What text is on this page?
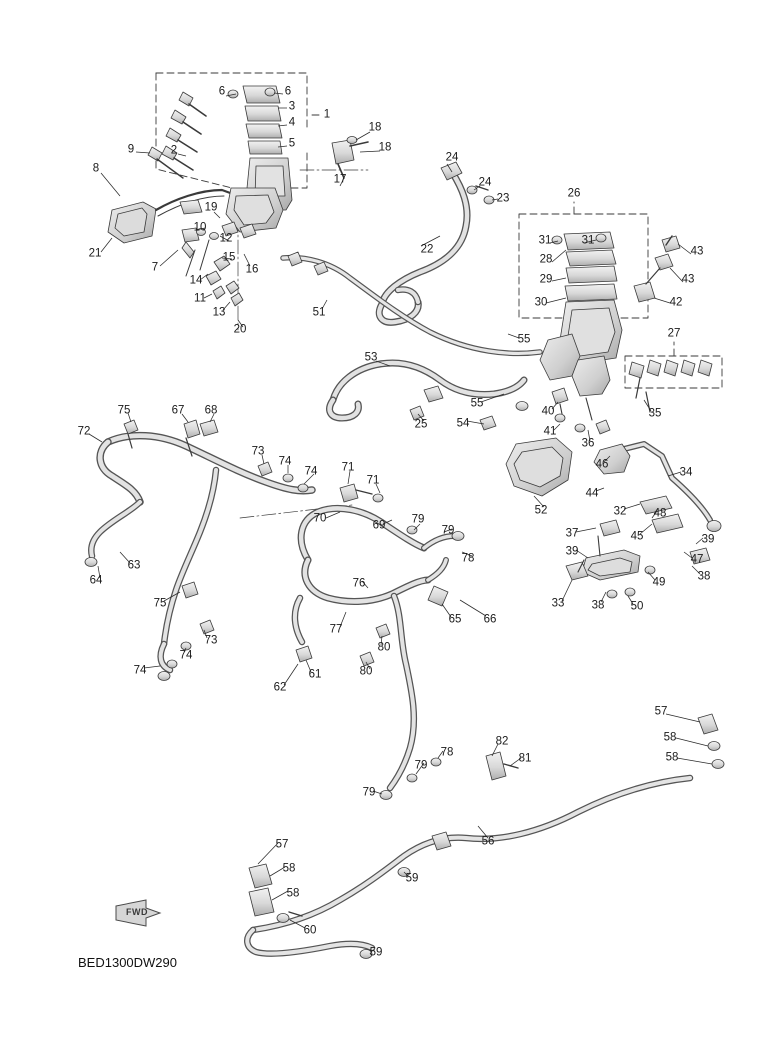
FWD
BED1300DW290
6	6
3
1
4
5
18
18
9	2
24
8
17	24
26
23
19
10
22
12
21
31	31
43
28
15
7	16
29	43
14
30	42
11
13
20
51
27
55
53
35
40
55
75	67 68
25	54
41
36
72
73
74
74 71
71
46
34
44
52	32 48
70
69 79
79	37	45	39
78
39
47
63
38
64	76	49
33 38 50
75
65 66
77
73
80
74
74	61
62
80
57
58
58
82
81
78
79
79
56
57
58
58
59
60
59
